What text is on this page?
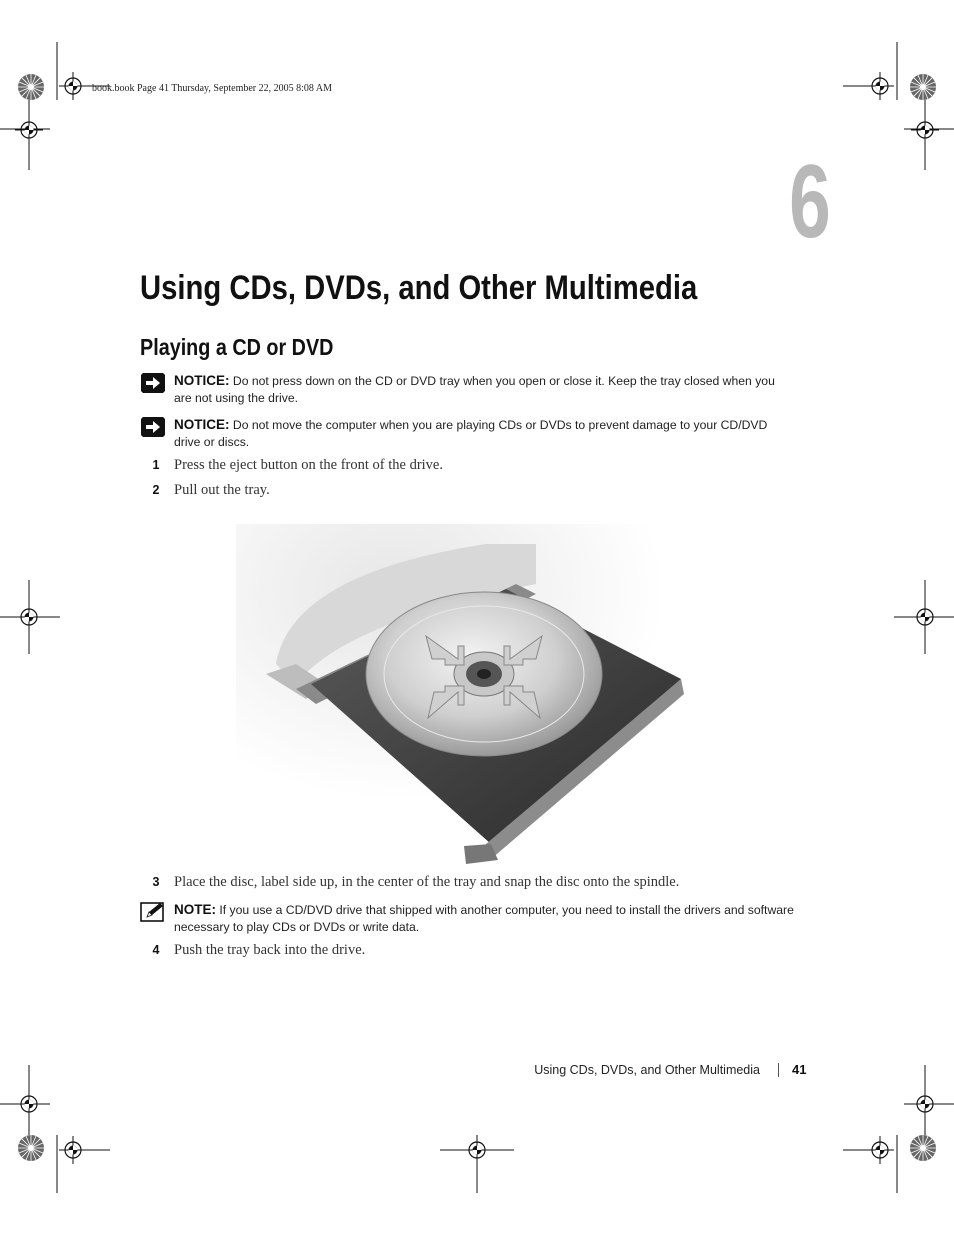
book.book Page 41 Thursday, September 22, 2005 8:08 AM
6
Using CDs, DVDs, and Other Multimedia
Playing a CD or DVD
NOTICE: Do not press down on the CD or DVD tray when you open or close it. Keep the tray closed when you are not using the drive.
NOTICE: Do not move the computer when you are playing CDs or DVDs to prevent damage to your CD/DVD drive or discs.
1 Press the eject button on the front of the drive.
2 Pull out the tray.
3 Place the disc, label side up, in the center of the tray and snap the disc onto the spindle.
NOTE: If you use a CD/DVD drive that shipped with another computer, you need to install the drivers and software necessary to play CDs or DVDs or write data.
4 Push the tray back into the drive.
Using CDs, DVDs, and Other Multimedia 41
